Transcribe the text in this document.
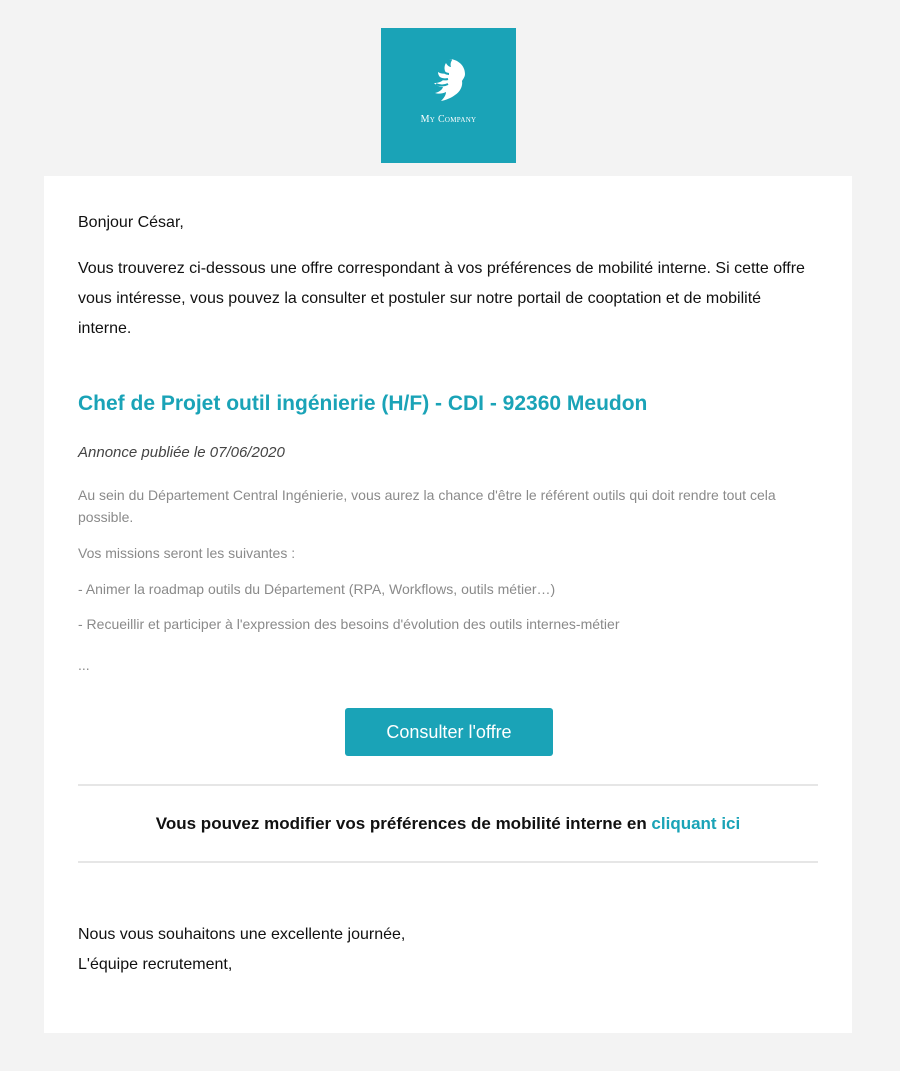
My Company
Bonjour César,
Vous trouverez ci-dessous une offre correspondant à vos préférences de mobilité interne. Si cette offre vous intéresse, vous pouvez la consulter et postuler sur notre portail de cooptation et de mobilité interne.
Chef de Projet outil ingénierie (H/F) - CDI - 92360 Meudon
Annonce publiée le 07/06/2020
Au sein du Département Central Ingénierie, vous aurez la chance d'être le référent outils qui doit rendre tout cela possible.
Vos missions seront les suivantes :
- Animer la roadmap outils du Département (RPA, Workflows, outils métier…)
- Recueillir et participer à l'expression des besoins d'évolution des outils internes-métier
...
Consulter l'offre
Vous pouvez modifier vos préférences de mobilité interne en cliquant ici
Nous vous souhaitons une excellente journée,
L'équipe recrutement,
